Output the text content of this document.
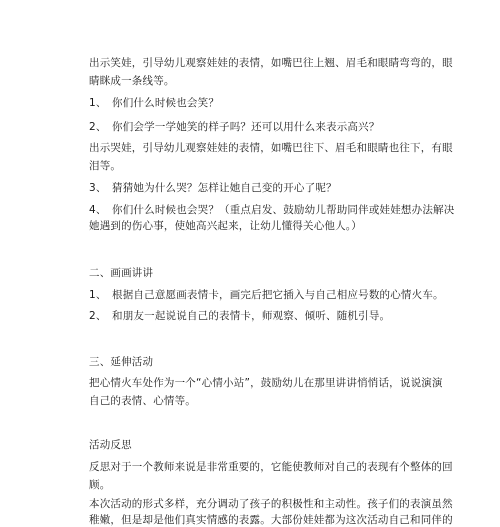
出示笑娃，引导幼儿观察娃娃的表情，如嘴巴往上翘、眉毛和眼睛弯弯的，眼
睛眯成一条线等。
1、　你们什么时候也会笑？
2、　你们会学一学她笑的样子吗？还可以用什么来表示高兴？
出示哭娃，引导幼儿观察娃娃的表情，如嘴巴往下、眉毛和眼睛也往下，有眼
泪等。
3、　猜猜她为什么哭？怎样让她自己变的开心了呢？
4、　你们什么时候也会哭？（重点启发、鼓励幼儿帮助同伴或娃娃想办法解决
她遇到的伤心事，使她高兴起来，让幼儿懂得关心他人。）
二、画画讲讲
1、　根据自己意愿画表情卡，画完后把它插入与自己相应号数的心情火车。
2、　和朋友一起说说自己的表情卡，师观察、倾听、随机引导。
三、延伸活动
把心情火车处作为一个“心情小站”，鼓励幼儿在那里讲讲悄悄话，说说演演
自己的表情、心情等。
活动反思
反思对于一个教师来说是非常重要的，它能使教师对自己的表现有个整体的回
顾。
本次活动的形式多样，充分调动了孩子的积极性和主动性。孩子们的表演虽然
稚嫩，但是却是他们真实情感的表露。大部份娃娃都为这次活动自己和同伴的
